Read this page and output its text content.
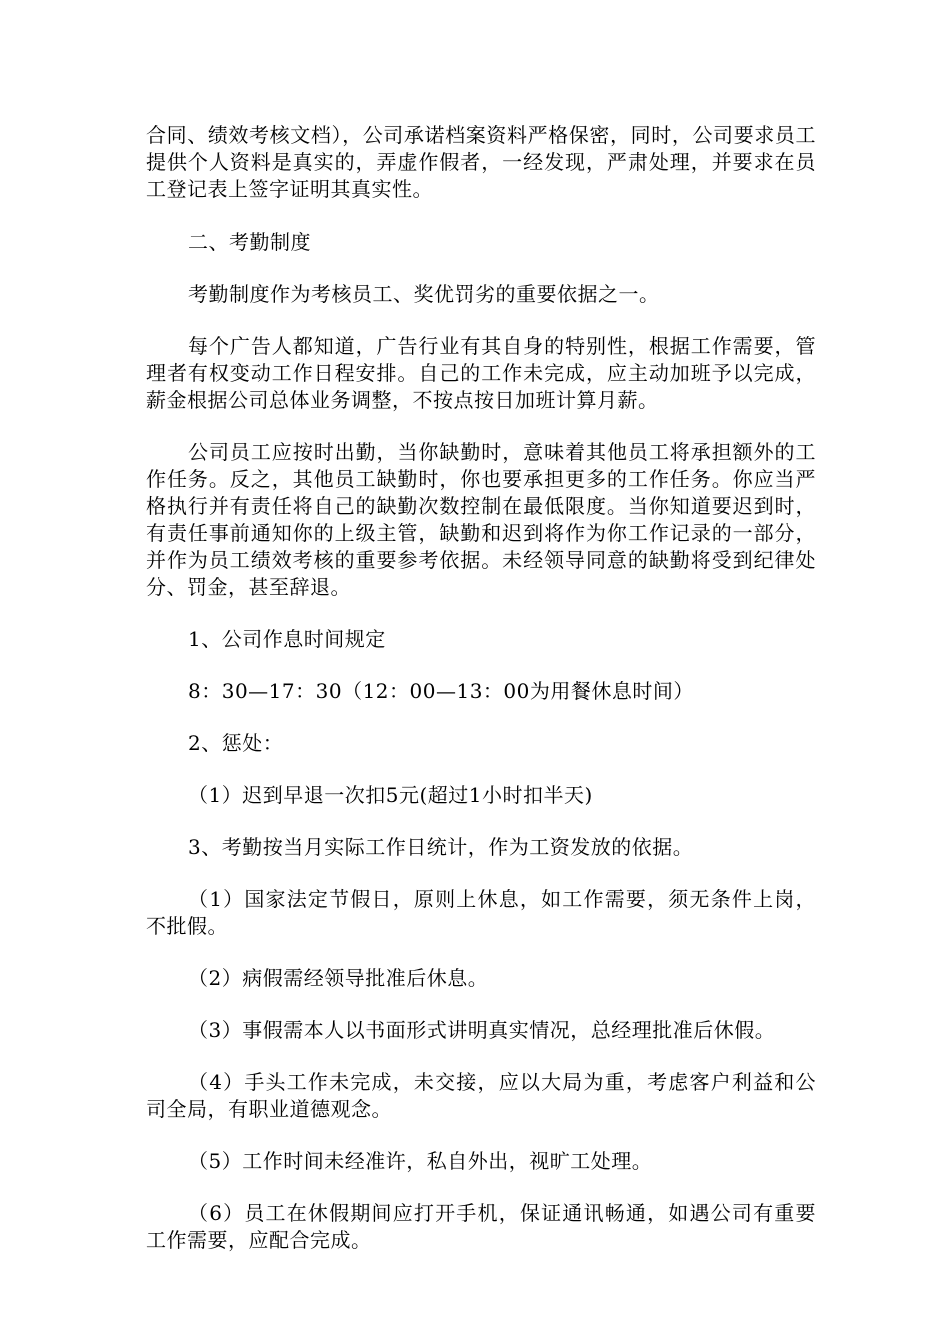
合同、绩效考核文档），公司承诺档案资料严格保密，同时，公司要求员工提供个人资料是真实的，弄虚作假者，一经发现，严肃处理，并要求在员工登记表上签字证明其真实性。

二、考勤制度

考勤制度作为考核员工、奖优罚劣的重要依据之一。

每个广告人都知道，广告行业有其自身的特别性，根据工作需要，管理者有权变动工作日程安排。自己的工作未完成，应主动加班予以完成，薪金根据公司总体业务调整，不按点按日加班计算月薪。

公司员工应按时出勤，当你缺勤时，意味着其他员工将承担额外的工作任务。反之，其他员工缺勤时，你也要承担更多的工作任务。你应当严格执行并有责任将自己的缺勤次数控制在最低限度。当你知道要迟到时，有责任事前通知你的上级主管，缺勤和迟到将作为你工作记录的一部分，并作为员工绩效考核的重要参考依据。未经领导同意的缺勤将受到纪律处分、罚金，甚至辞退。

1、公司作息时间规定

8：30—17：30（12：00—13：00为用餐休息时间）

2、惩处：

（1）迟到早退一次扣5元(超过1小时扣半天)

3、考勤按当月实际工作日统计，作为工资发放的依据。

（1）国家法定节假日，原则上休息，如工作需要，须无条件上岗，不批假。

（2）病假需经领导批准后休息。

（3）事假需本人以书面形式讲明真实情况，总经理批准后休假。

（4）手头工作未完成，未交接，应以大局为重，考虑客户利益和公司全局，有职业道德观念。

（5）工作时间未经准许，私自外出，视旷工处理。

（6）员工在休假期间应打开手机，保证通讯畅通，如遇公司有重要工作需要，应配合完成。
